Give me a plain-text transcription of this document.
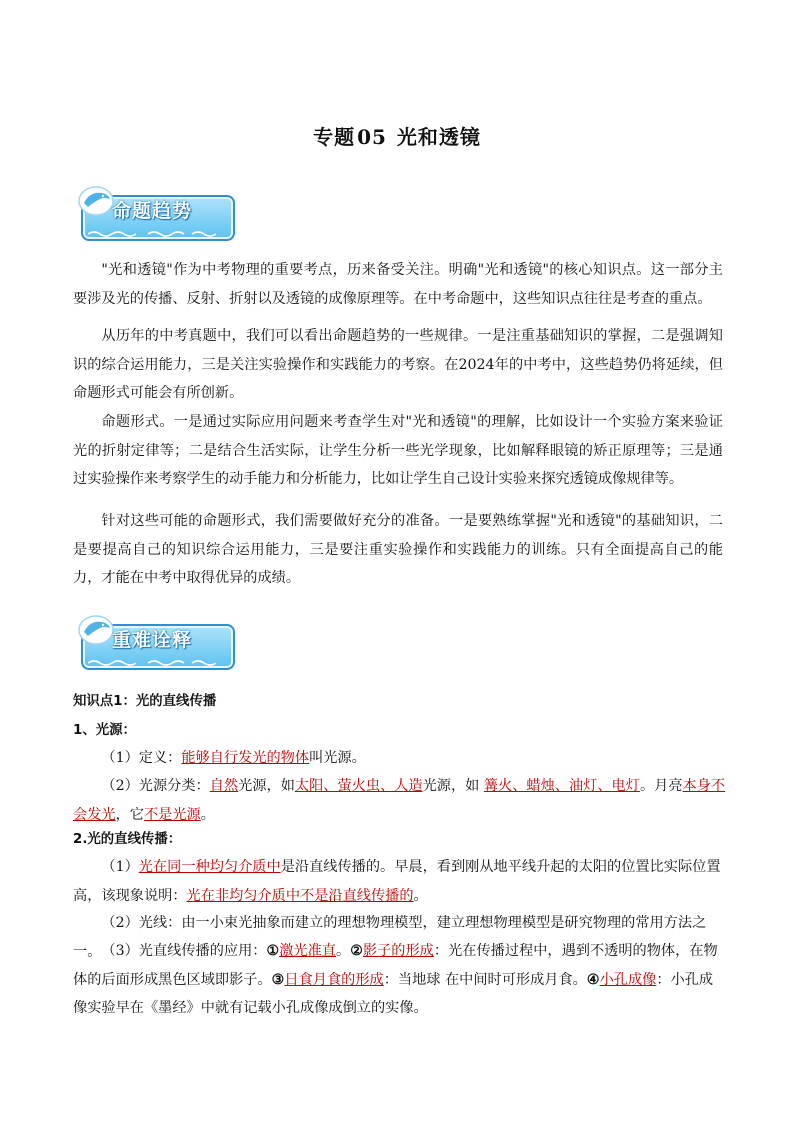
专题 05 光和透镜
命题趋势

"光和透镜"作为中考物理的重要考点，历来备受关注。明确"光和透镜"的核心知识点。这一部分主要涉及光的传播、反射、折射以及透镜的成像原理等。在中考命题中，这些知识点往往是考查的重点。

从历年的中考真题中，我们可以看出命题趋势的一些规律。一是注重基础知识的掌握，二是强调知识的综合运用能力，三是关注实验操作和实践能力的考察。在2024年的中考中，这些趋势仍将延续，但命题形式可能会有所创新。

命题形式。一是通过实际应用问题来考查学生对"光和透镜"的理解，比如设计一个实验方案来验证光的折射定律等；二是结合生活实际，让学生分析一些光学现象，比如解释眼镜的矫正原理等；三是通过实验操作来考察学生的动手能力和分析能力，比如让学生自己设计实验来探究透镜成像规律等。

针对这些可能的命题形式，我们需要做好充分的准备。一是要熟练掌握"光和透镜"的基础知识，二是要提高自己的知识综合运用能力，三是要注重实验操作和实践能力的训练。只有全面提高自己的能力，才能在中考中取得优异的成绩。

重难诠释
知识点1：光的直线传播
1、光源：

（1）定义：能够自行发光的物体叫光源。

（2）光源分类：自然光源，如太阳、萤火虫、人造光源，如 篝火、蜡烛、油灯、电灯。月亮本身不会发光，它不是光源。

2.光的直线传播：

（1）光在同一种均匀介质中是沿直线传播的。早晨，看到刚从地平线升起的太阳的位置比实际位置高，该现象说明：光在非均匀介质中不是沿直线传播的。

（2）光线：由一小束光抽象而建立的理想物理模型，建立理想物理模型是研究物理的常用方法之一。 （3）光直线传播的应用：①激光准直。②影子的形成：光在传播过程中，遇到不透明的物体，在物体的后面形成黑色区域即影子。③日食月食的形成：当地球 在中间时可形成月食。④小孔成像：小孔成像实验早在《墨经》中就有记载小孔成像成倒立的实像。
